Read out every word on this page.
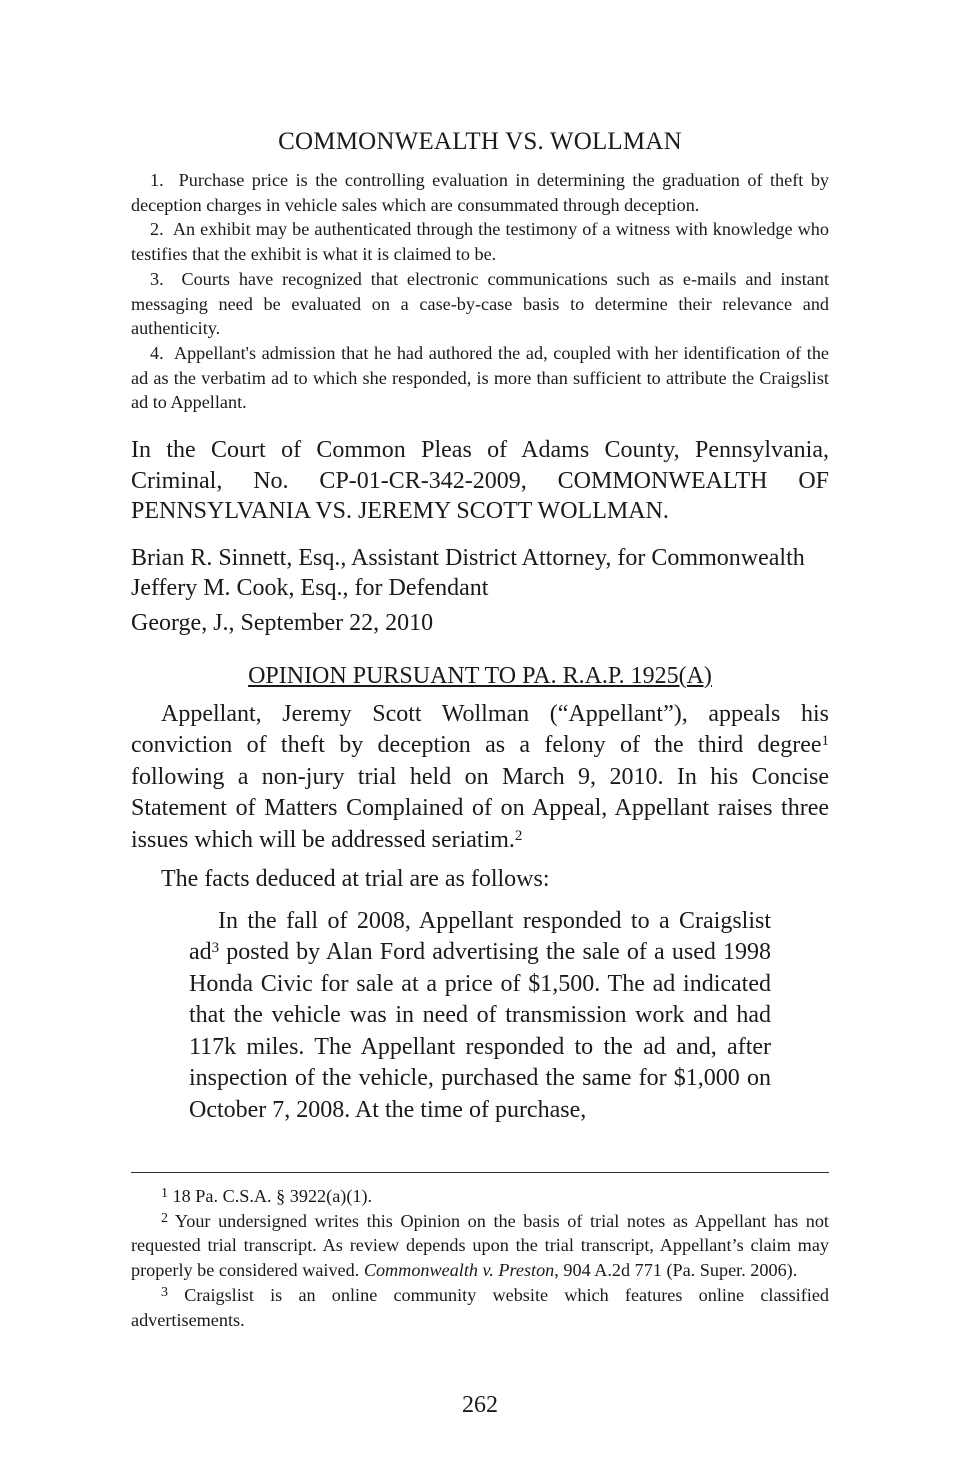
COMMONWEALTH VS. WOLLMAN

1. Purchase price is the controlling evaluation in determining the graduation of theft by deception charges in vehicle sales which are consummated through deception.

2. An exhibit may be authenticated through the testimony of a witness with knowledge who testifies that the exhibit is what it is claimed to be.

3. Courts have recognized that electronic communications such as e-mails and instant messaging need be evaluated on a case-by-case basis to determine their relevance and authenticity.

4. Appellant's admission that he had authored the ad, coupled with her identification of the ad as the verbatim ad to which she responded, is more than sufficient to attribute the Craigslist ad to Appellant.

In the Court of Common Pleas of Adams County, Pennsylvania, Criminal, No. CP-01-CR-342-2009, COMMONWEALTH OF PENNSYLVANIA VS. JEREMY SCOTT WOLLMAN.

Brian R. Sinnett, Esq., Assistant District Attorney, for Commonwealth
Jeffery M. Cook, Esq., for Defendant
George, J., September 22, 2010
OPINION PURSUANT TO PA. R.A.P. 1925(A)

Appellant, Jeremy Scott Wollman (“Appellant”), appeals his conviction of theft by deception as a felony of the third degree$^1$ following a non-jury trial held on March 9, 2010. In his Concise Statement of Matters Complained of on Appeal, Appellant raises three issues which will be addressed seriatim.$^2$

The facts deduced at trial are as follows:

In the fall of 2008, Appellant responded to a Craigslist $ad^3$ posted by Alan Ford advertising the sale of a used 1998 Honda Civic for sale at a price of $1,500. The ad indicated that the vehicle was in need of transmission work and had 117k miles. The Appellant responded to the ad and, after inspection of the vehicle, purchased the same for $1,000 on October 7, 2008. At the time of purchase,

$^1$ 18 Pa. C.S.A. § 3922(a)(1).

$^2$ Your undersigned writes this Opinion on the basis of trial notes as Appellant has not requested trial transcript. As review depends upon the trial transcript, Appellant’s claim may properly be considered waived. Commonwealth v. Preston, 904 A.2d 771 (Pa. Super. 2006).

$^3$ Craigslist is an online community website which features online classified advertisements.

262
